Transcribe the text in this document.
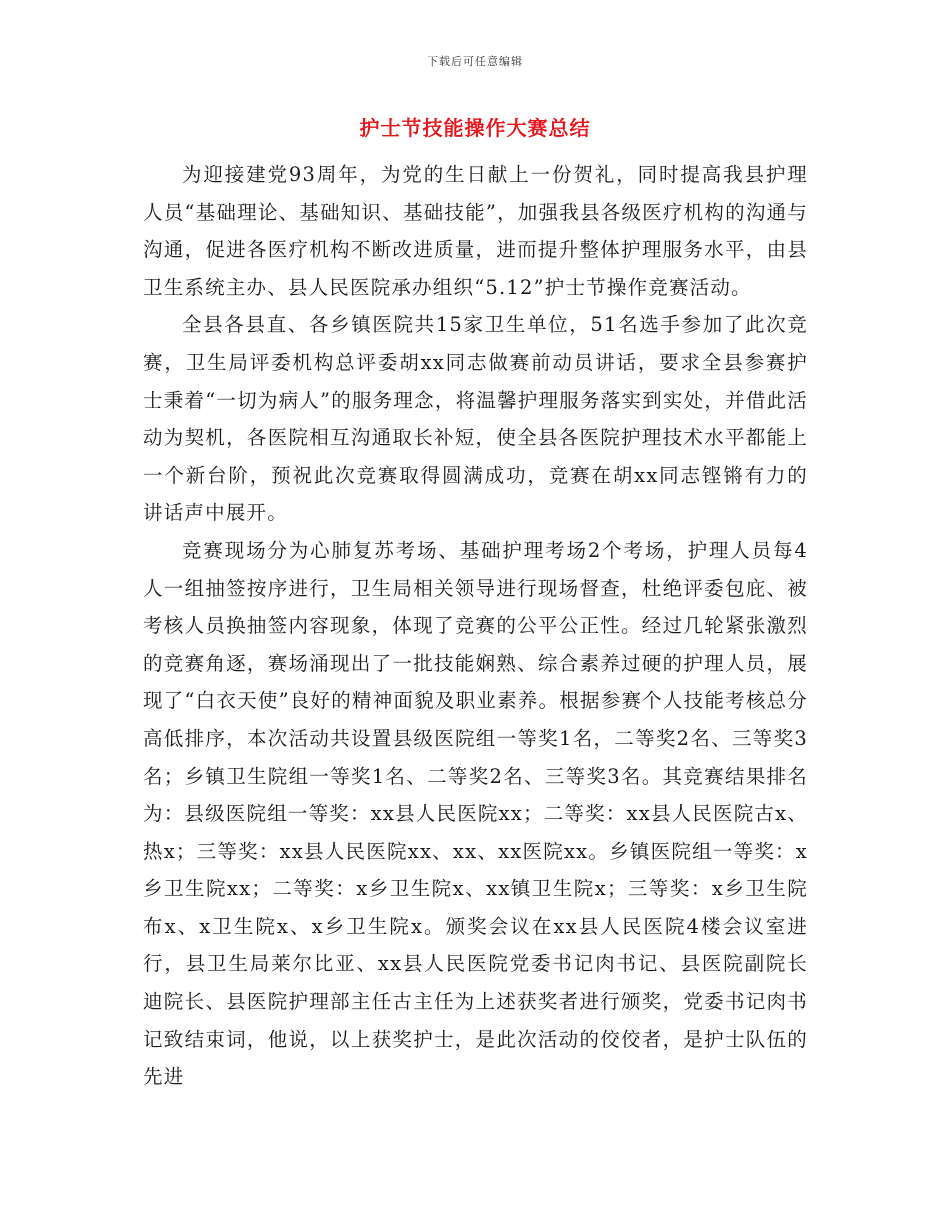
下载后可任意编辑
护士节技能操作大赛总结

为迎接建党93周年，为党的生日献上一份贺礼，同时提高我县护理人员“基础理论、基础知识、基础技能”，加强我县各级医疗机构的沟通与沟通，促进各医疗机构不断改进质量，进而提升整体护理服务水平，由县卫生系统主办、县人民医院承办组织“5.12”护士节操作竞赛活动。

全县各县直、各乡镇医院共15家卫生单位，51名选手参加了此次竞赛，卫生局评委机构总评委胡xx同志做赛前动员讲话，要求全县参赛护士秉着“一切为病人”的服务理念，将温馨护理服务落实到实处，并借此活动为契机，各医院相互沟通取长补短，使全县各医院护理技术水平都能上一个新台阶，预祝此次竞赛取得圆满成功，竞赛在胡xx同志铿锵有力的讲话声中展开。

竞赛现场分为心肺复苏考场、基础护理考场2个考场，护理人员每4人一组抽签按序进行，卫生局相关领导进行现场督查，杜绝评委包庇、被考核人员换抽签内容现象，体现了竞赛的公平公正性。经过几轮紧张激烈的竞赛角逐，赛场涌现出了一批技能娴熟、综合素养过硬的护理人员，展现了“白衣天使”良好的精神面貌及职业素养。根据参赛个人技能考核总分高低排序，本次活动共设置县级医院组一等奖1名，二等奖2名、三等奖3名；乡镇卫生院组一等奖1名、二等奖2名、三等奖3名。其竞赛结果排名为：县级医院组一等奖：xx县人民医院xx；二等奖：xx县人民医院古x、热x；三等奖：xx县人民医院xx、xx、xx医院xx。乡镇医院组一等奖：x乡卫生院xx；二等奖：x乡卫生院x、xx镇卫生院x；三等奖：x乡卫生院布x、x卫生院x、x乡卫生院x。颁奖会议在xx县人民医院4楼会议室进行，县卫生局莱尔比亚、xx县人民医院党委书记肉书记、县医院副院长迪院长、县医院护理部主任古主任为上述获奖者进行颁奖，党委书记肉书记致结束词，他说，以上获奖护士，是此次活动的佼佼者，是护士队伍的先进
